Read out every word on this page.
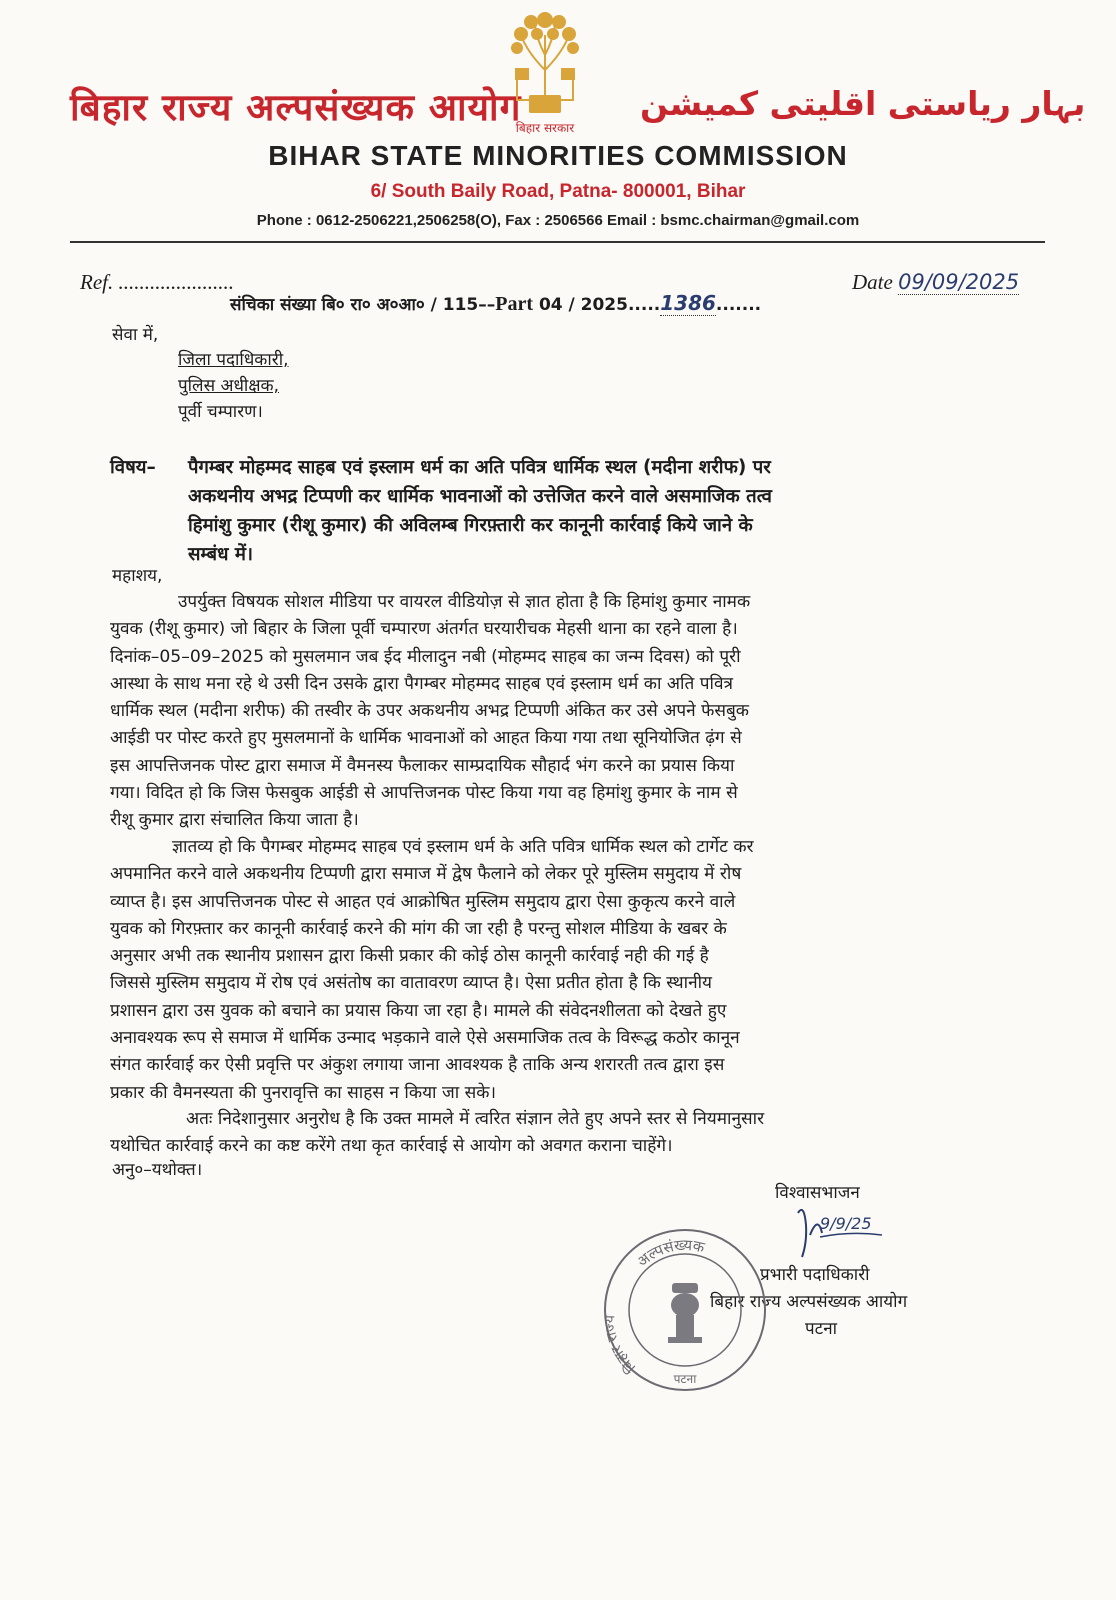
बिहार राज्य अल्पसंख्यक आयोग
बिहार सरकार
بہار ریاستی اقلیتی کمیشن
BIHAR STATE MINORITIES COMMISSION
6/ South Baily Road, Patna- 800001, Bihar
Phone : 0612-2506221,2506258(O), Fax : 2506566 Email : bsmc.chairman@gmail.com
Ref. ......................	Date 09/09/2025
संचिका संख्या बि० रा० अ०आ० / 115––Part 04 / 2025.....1386.......
सेवा में,
जिला पदाधिकारी,
पुलिस अधीक्षक,
पूर्वी चम्पारण।
विषय– पैगम्बर मोहम्मद साहब एवं इस्लाम धर्म का अति पवित्र धार्मिक स्थल (मदीना शरीफ) पर
अकथनीय अभद्र टिप्पणी कर धार्मिक भावनाओं को उत्तेजित करने वाले असमाजिक तत्व
हिमांशु कुमार (रीशू कुमार) की अविलम्ब गिरफ़्तारी कर कानूनी कार्रवाई किये जाने के
सम्बंध में।
महाशय,
उपर्युक्त विषयक सोशल मीडिया पर वायरल वीडियोज़ से ज्ञात होता है कि हिमांशु कुमार नामक
युवक (रीशू कुमार) जो बिहार के जिला पूर्वी चम्पारण अंतर्गत घरयारीचक मेहसी थाना का रहने वाला है।
दिनांक–05–09–2025 को मुसलमान जब ईद मीलादुन नबी (मोहम्मद साहब का जन्म दिवस) को पूरी
आस्था के साथ मना रहे थे उसी दिन उसके द्वारा पैगम्बर मोहम्मद साहब एवं इस्लाम धर्म का अति पवित्र
धार्मिक स्थल (मदीना शरीफ) की तस्वीर के उपर अकथनीय अभद्र टिप्पणी अंकित कर उसे अपने फेसबुक
आईडी पर पोस्ट करते हुए मुसलमानों के धार्मिक भावनाओं को आहत किया गया तथा सूनियोजित ढ़ंग से
इस आपत्तिजनक पोस्ट द्वारा समाज में वैमनस्य फैलाकर साम्प्रदायिक सौहार्द भंग करने का प्रयास किया
गया। विदित हो कि जिस फेसबुक आईडी से आपत्तिजनक पोस्ट किया गया वह हिमांशु कुमार के नाम से
रीशू कुमार द्वारा संचालित किया जाता है।
ज्ञातव्य हो कि पैगम्बर मोहम्मद साहब एवं इस्लाम धर्म के अति पवित्र धार्मिक स्थल को टार्गेट कर
अपमानित करने वाले अकथनीय टिप्पणी द्वारा समाज में द्वेष फैलाने को लेकर पूरे मुस्लिम समुदाय में रोष
व्याप्त है। इस आपत्तिजनक पोस्ट से आहत एवं आक्रोषित मुस्लिम समुदाय द्वारा ऐसा कुकृत्य करने वाले
युवक को गिरफ़्तार कर कानूनी कार्रवाई करने की मांग की जा रही है परन्तु सोशल मीडिया के खबर के
अनुसार अभी तक स्थानीय प्रशासन द्वारा किसी प्रकार की कोई ठोस कानूनी कार्रवाई नही की गई है
जिससे मुस्लिम समुदाय में रोष एवं असंतोष का वातावरण व्याप्त है। ऐसा प्रतीत होता है कि स्थानीय
प्रशासन द्वारा उस युवक को बचाने का प्रयास किया जा रहा है। मामले की संवेदनशीलता को देखते हुए
अनावश्यक रूप से समाज में धार्मिक उन्माद भड़काने वाले ऐसे असमाजिक तत्व के विरूद्ध कठोर कानून
संगत कार्रवाई कर ऐसी प्रवृत्ति पर अंकुश लगाया जाना आवश्यक है ताकि अन्य शरारती तत्व द्वारा इस
प्रकार की वैमनस्यता की पुनरावृत्ति का साहस न किया जा सके।
अतः निदेशानुसार अनुरोध है कि उक्त मामले में त्वरित संज्ञान लेते हुए अपने स्तर से नियमानुसार
यथोचित कार्रवाई करने का कष्ट करेंगे तथा कृत कार्रवाई से आयोग को अवगत कराना चाहेंगे।
अनु०–यथोक्त।
विश्वासभाजन
9/9/25
प्रभारी पदाधिकारी
बिहार राज्य अल्पसंख्यक आयोग
पटना
अल्पसंख्यक
बिहार राज्य
पटना
